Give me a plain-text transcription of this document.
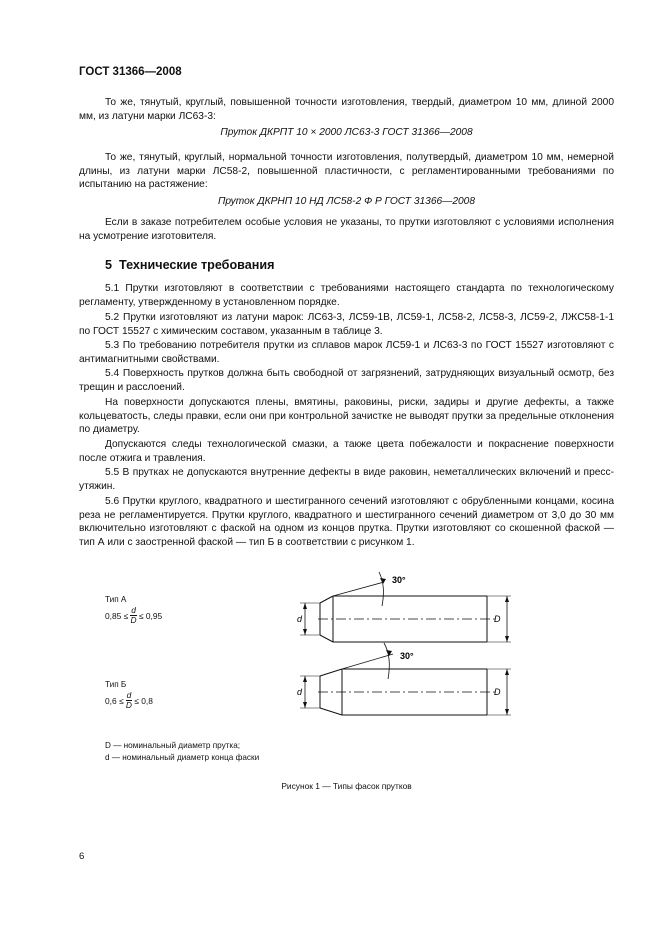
ГОСТ 31366—2008
То же, тянутый, круглый, повышенной точности изготовления, твердый, диаметром 10 мм, длиной 2000 мм, из латуни марки ЛС63-3:
Пруток ДКРПТ 10 × 2000 ЛС63-3 ГОСТ 31366—2008
То же, тянутый, круглый, нормальной точности изготовления, полутвердый, диаметром 10 мм, немерной длины, из латуни марки ЛС58-2, повышенной пластичности, с регламентированными требованиями по испытанию на растяжение:
Пруток ДКРНП 10 НД ЛС58-2 Ф Р ГОСТ 31366—2008
Если в заказе потребителем особые условия не указаны, то прутки изготовляют с условиями исполнения на усмотрение изготовителя.
5 Технические требования
5.1 Прутки изготовляют в соответствии с требованиями настоящего стандарта по технологическому регламенту, утвержденному в установленном порядке.
5.2 Прутки изготовляют из латуни марок: ЛС63-3, ЛС59-1В, ЛС59-1, ЛС58-2, ЛС58-3, ЛС59-2, ЛЖС58-1-1 по ГОСТ 15527 с химическим составом, указанным в таблице 3.
5.3 По требованию потребителя прутки из сплавов марок ЛС59-1 и ЛС63-3 по ГОСТ 15527 изготовляют с антимагнитными свойствами.
5.4 Поверхность прутков должна быть свободной от загрязнений, затрудняющих визуальный осмотр, без трещин и расслоений.
На поверхности допускаются плены, вмятины, раковины, риски, задиры и другие дефекты, а также кольцеватость, следы правки, если они при контрольной зачистке не выводят прутки за предельные отклонения по диаметру.
Допускаются следы технологической смазки, а также цвета побежалости и покраснение поверхности после отжига и травления.
5.5 В прутках не допускаются внутренние дефекты в виде раковин, неметаллических включений и пресс-утяжин.
5.6 Прутки круглого, квадратного и шестигранного сечений изготовляют с обрубленными концами, косина реза не регламентируется. Прутки круглого, квадратного и шестигранного сечений диаметром от 3,0 до 30 мм включительно изготовляют с фаской на одном из концов прутка. Прутки изготовляют со скошенной фаской — тип А или с заостренной фаской — тип Б в соответствии с рисунком 1.
Тип А
$0,85 \le \frac{d}{D} \le 0,95$
Тип Б
$0,6 \le \frac{d}{D} \le 0,8$
30°
30°
d
d
D
D
D — номинальный диаметр прутка;
d — номинальный диаметр конца фаски
Рисунок 1 — Типы фасок прутков
6
